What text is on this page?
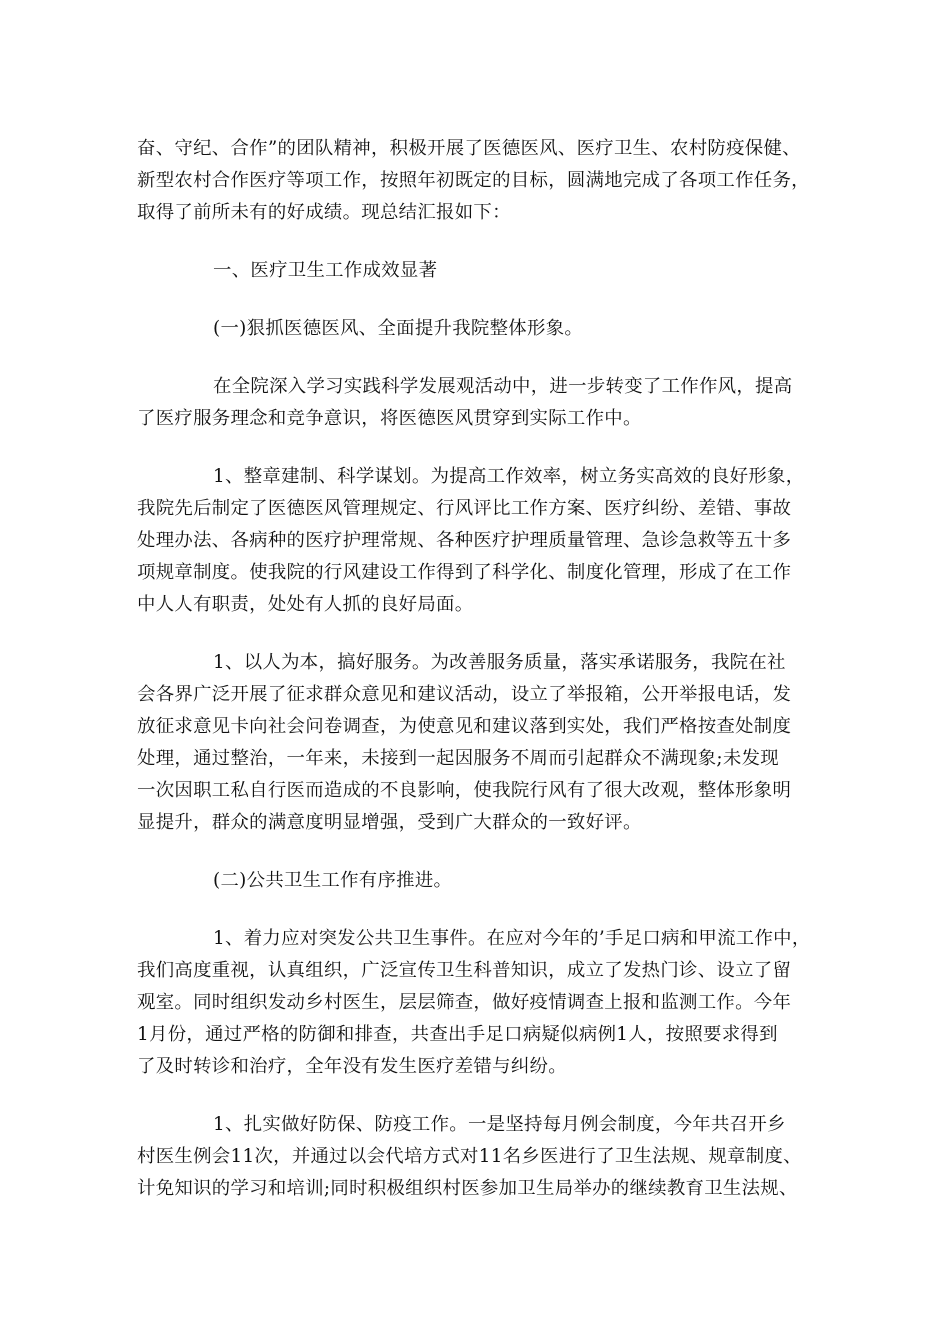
奋、守纪、合作”的团队精神，积极开展了医德医风、医疗卫生、农村防疫保健、
新型农村合作医疗等项工作，按照年初既定的目标，圆满地完成了各项工作任务，
取得了前所未有的好成绩。现总结汇报如下：
一、医疗卫生工作成效显著
(一)狠抓医德医风、全面提升我院整体形象。
在全院深入学习实践科学发展观活动中，进一步转变了工作作风，提高
了医疗服务理念和竞争意识，将医德医风贯穿到实际工作中。
1、整章建制、科学谋划。为提高工作效率，树立务实高效的良好形象，
我院先后制定了医德医风管理规定、行风评比工作方案、医疗纠纷、差错、事故
处理办法、各病种的医疗护理常规、各种医疗护理质量管理、急诊急救等五十多
项规章制度。使我院的行风建设工作得到了科学化、制度化管理，形成了在工作
中人人有职责，处处有人抓的良好局面。
1、以人为本，搞好服务。为改善服务质量，落实承诺服务，我院在社
会各界广泛开展了征求群众意见和建议活动，设立了举报箱，公开举报电话，发
放征求意见卡向社会问卷调查，为使意见和建议落到实处，我们严格按查处制度
处理，通过整治，一年来，未接到一起因服务不周而引起群众不满现象;未发现
一次因职工私自行医而造成的不良影响，使我院行风有了很大改观，整体形象明
显提升，群众的满意度明显增强，受到广大群众的一致好评。
(二)公共卫生工作有序推进。
1、着力应对突发公共卫生事件。在应对今年的’手足口病和甲流工作中，
我们高度重视，认真组织，广泛宣传卫生科普知识，成立了发热门诊、设立了留
观室。同时组织发动乡村医生，层层筛查，做好疫情调查上报和监测工作。今年
1月份，通过严格的防御和排查，共查出手足口病疑似病例1人，按照要求得到
了及时转诊和治疗，全年没有发生医疗差错与纠纷。
1、扎实做好防保、防疫工作。一是坚持每月例会制度，今年共召开乡
村医生例会11次，并通过以会代培方式对11名乡医进行了卫生法规、规章制度、
计免知识的学习和培训;同时积极组织村医参加卫生局举办的继续教育卫生法规、
